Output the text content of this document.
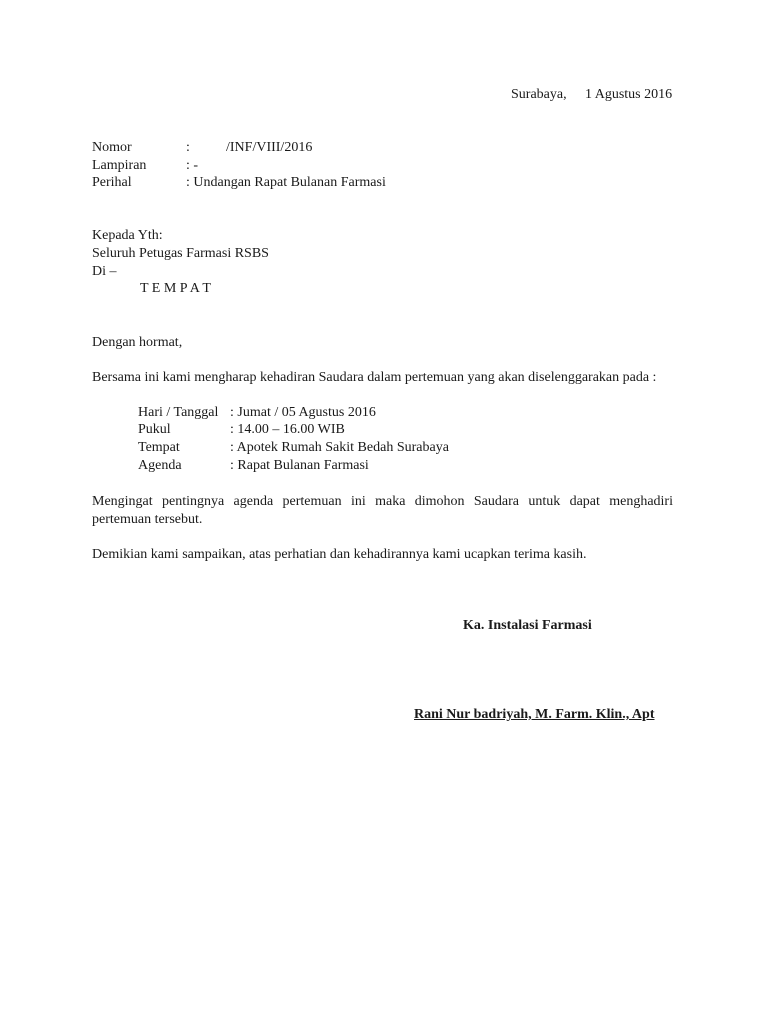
Surabaya, 1 Agustus 2016
Nomor	:	/INF/VIII/2016
Lampiran	: -
Perihal	: Undangan Rapat Bulanan Farmasi
Kepada Yth:
Seluruh Petugas Farmasi RSBS
Di –
T E M P A T
Dengan hormat,
Bersama ini kami mengharap kehadiran Saudara dalam pertemuan yang akan diselenggarakan pada :
Hari / Tanggal : Jumat / 05 Agustus 2016
Pukul	: 14.00 – 16.00 WIB
Tempat	: Apotek Rumah Sakit Bedah Surabaya
Agenda	: Rapat Bulanan Farmasi
Mengingat pentingnya agenda pertemuan ini maka dimohon Saudara untuk dapat menghadiri pertemuan tersebut.
Demikian kami sampaikan, atas perhatian dan kehadirannya kami ucapkan terima kasih.
Ka. Instalasi Farmasi
Rani Nur badriyah, M. Farm. Klin., Apt
